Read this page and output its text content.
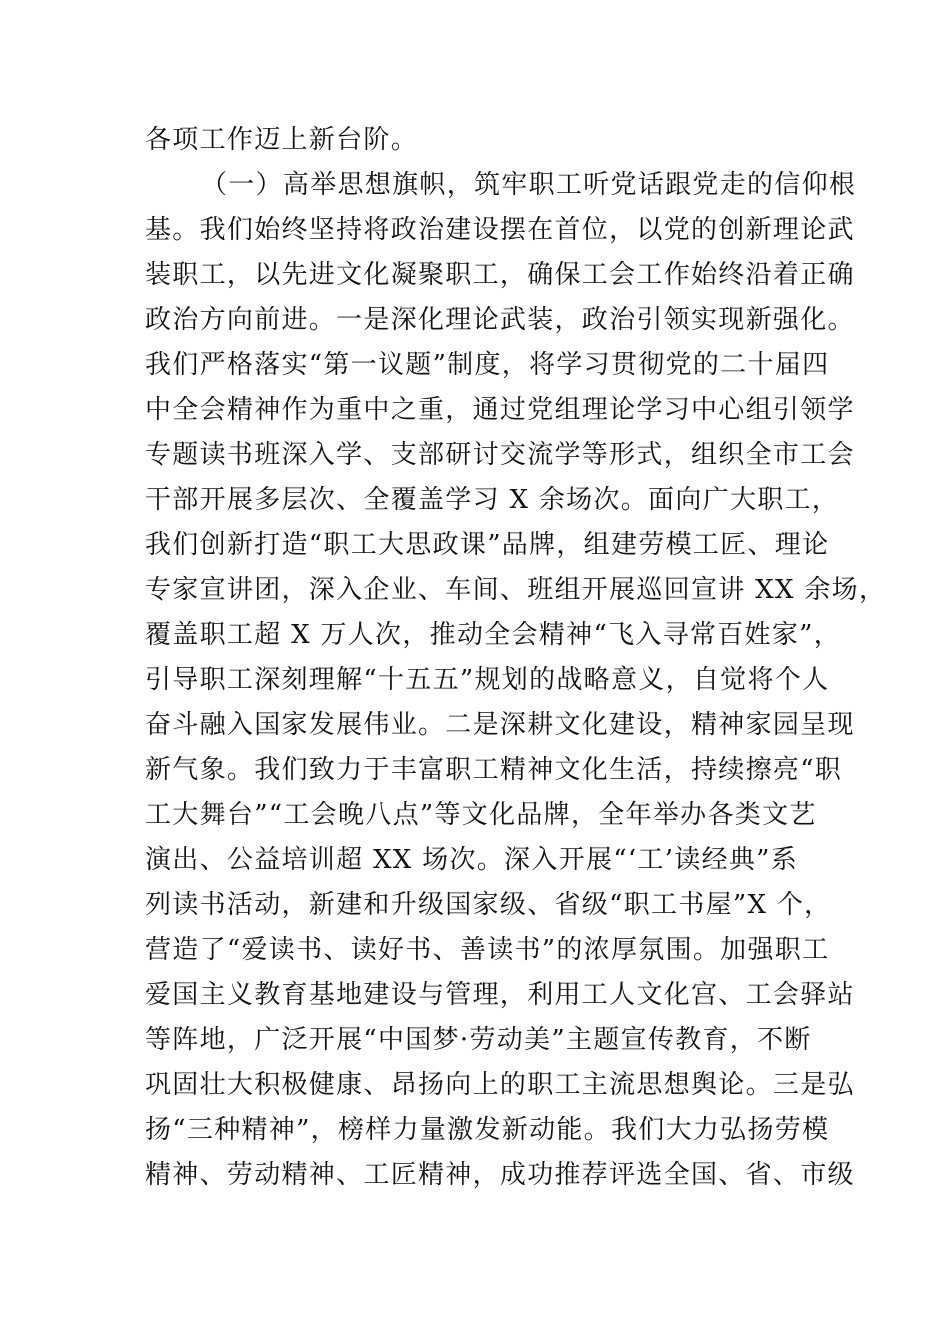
各项工作迈上新台阶。
（一）高举思想旗帜，筑牢职工听党话跟党走的信仰根
基。我们始终坚持将政治建设摆在首位，以党的创新理论武
装职工，以先进文化凝聚职工，确保工会工作始终沿着正确
政治方向前进。一是深化理论武装，政治引领实现新强化。
我们严格落实“第一议题”制度，将学习贯彻党的二十届四
中全会精神作为重中之重，通过党组理论学习中心组引领学
专题读书班深入学、支部研讨交流学等形式，组织全市工会
干部开展多层次、全覆盖学习 X 余场次。面向广大职工，
我们创新打造“职工大思政课”品牌，组建劳模工匠、理论
专家宣讲团，深入企业、车间、班组开展巡回宣讲 XX 余场，
覆盖职工超 X 万人次，推动全会精神“飞入寻常百姓家”，
引导职工深刻理解“十五五”规划的战略意义，自觉将个人
奋斗融入国家发展伟业。二是深耕文化建设，精神家园呈现
新气象。我们致力于丰富职工精神文化生活，持续擦亮“职
工大舞台”“工会晚八点”等文化品牌，全年举办各类文艺
演出、公益培训超 XX 场次。深入开展“‘工’读经典”系
列读书活动，新建和升级国家级、省级“职工书屋”X 个，
营造了“爱读书、读好书、善读书”的浓厚氛围。加强职工
爱国主义教育基地建设与管理，利用工人文化宫、工会驿站
等阵地，广泛开展“中国梦·劳动美”主题宣传教育，不断
巩固壮大积极健康、昂扬向上的职工主流思想舆论。三是弘
扬“三种精神”，榜样力量激发新动能。我们大力弘扬劳模
精神、劳动精神、工匠精神，成功推荐评选全国、省、市级
